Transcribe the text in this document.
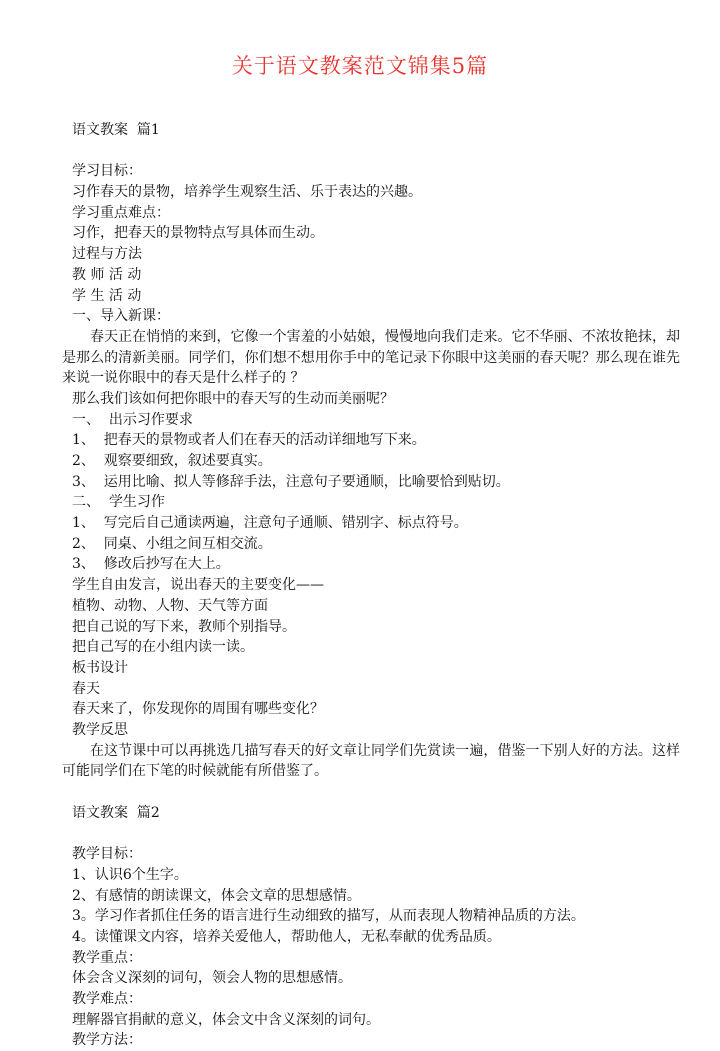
关于语文教案范文锦集5篇
语文教案  篇1
学习目标：
习作春天的景物，培养学生观察生活、乐于表达的兴趣。
学习重点难点：
习作，把春天的景物特点写具体而生动。
过程与方法
教 师 活 动
学 生 活 动
一、导入新课：
春天正在悄悄的来到，它像一个害羞的小姑娘，慢慢地向我们走来。它不华丽、不浓妆艳抹，却是那么的清新美丽。同学们，你们想不想用你手中的笔记录下你眼中这美丽的春天呢？那么现在谁先来说一说你眼中的春天是什么样子的 ？
那么我们该如何把你眼中的春天写的生动而美丽呢？
一、  出示习作要求
1、  把春天的景物或者人们在春天的活动详细地写下来。
2、  观察要细致，叙述要真实。
3、  运用比喻、拟人等修辞手法，注意句子要通顺，比喻要恰到贴切。
二、  学生习作
1、  写完后自己通读两遍，注意句子通顺、错别字、标点符号。
2、  同桌、小组之间互相交流。
3、  修改后抄写在大上。
学生自由发言，说出春天的主要变化——
植物、动物、人物、天气等方面
把自己说的写下来，教师个别指导。
把自己写的在小组内读一读。
板书设计
春天
春天来了，你发现你的周围有哪些变化？
教学反思
在这节课中可以再挑选几描写春天的好文章让同学们先赏读一遍，借鉴一下别人好的方法。这样可能同学们在下笔的时候就能有所借鉴了。
语文教案  篇2
教学目标：
1、认识6个生字。
2、有感情的朗读课文，体会文章的思想感情。
3。学习作者抓住任务的语言进行生动细致的描写，从而表现人物精神品质的方法。
4。读懂课文内容，培养关爱他人，帮助他人，无私奉献的优秀品质。
教学重点：
体会含义深刻的词句，领会人物的思想感情。
教学难点：
理解器官捐献的意义，体会文中含义深刻的词句。
教学方法：
